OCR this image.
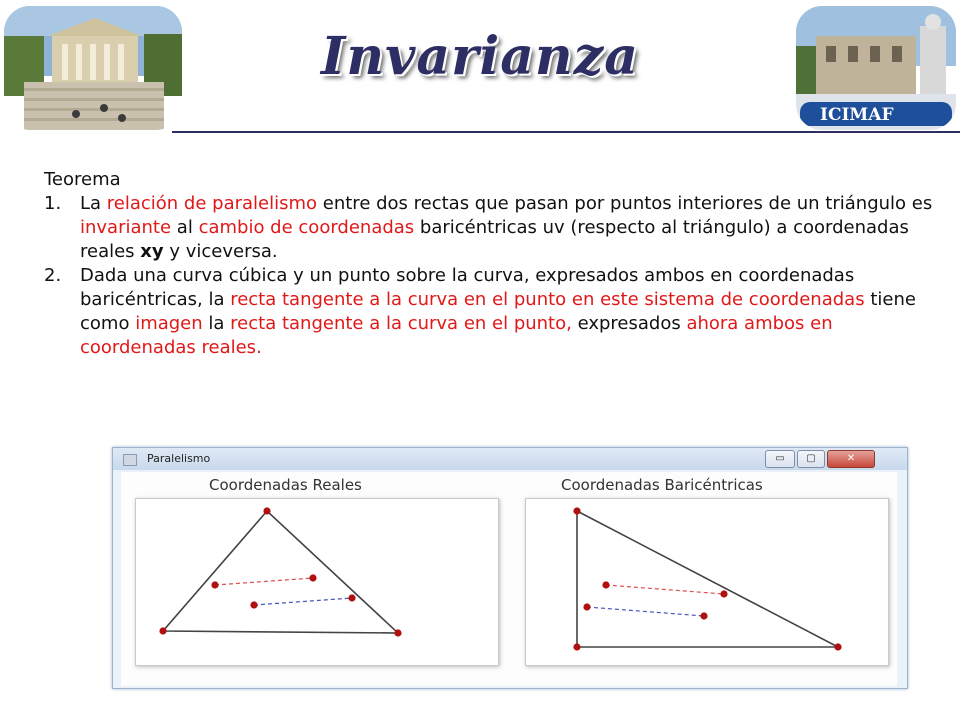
ICIMAF
Invarianza

Teorema

1. La relación de paralelismo entre dos rectas que pasan por puntos interiores de un triángulo es invariante al cambio de coordenadas baricéntricas uv (respecto al triángulo) a coordenadas reales xy y viceversa.

2. Dada una curva cúbica y un punto sobre la curva, expresados ambos en coordenadas baricéntricas, la recta tangente a la curva en el punto en este sistema de coordenadas tiene como imagen la recta tangente a la curva en el punto, expresados ahora ambos en coordenadas reales.

Paralelismo	▭	▢	✕
Coordenadas Reales	Coordenadas Baricéntricas
